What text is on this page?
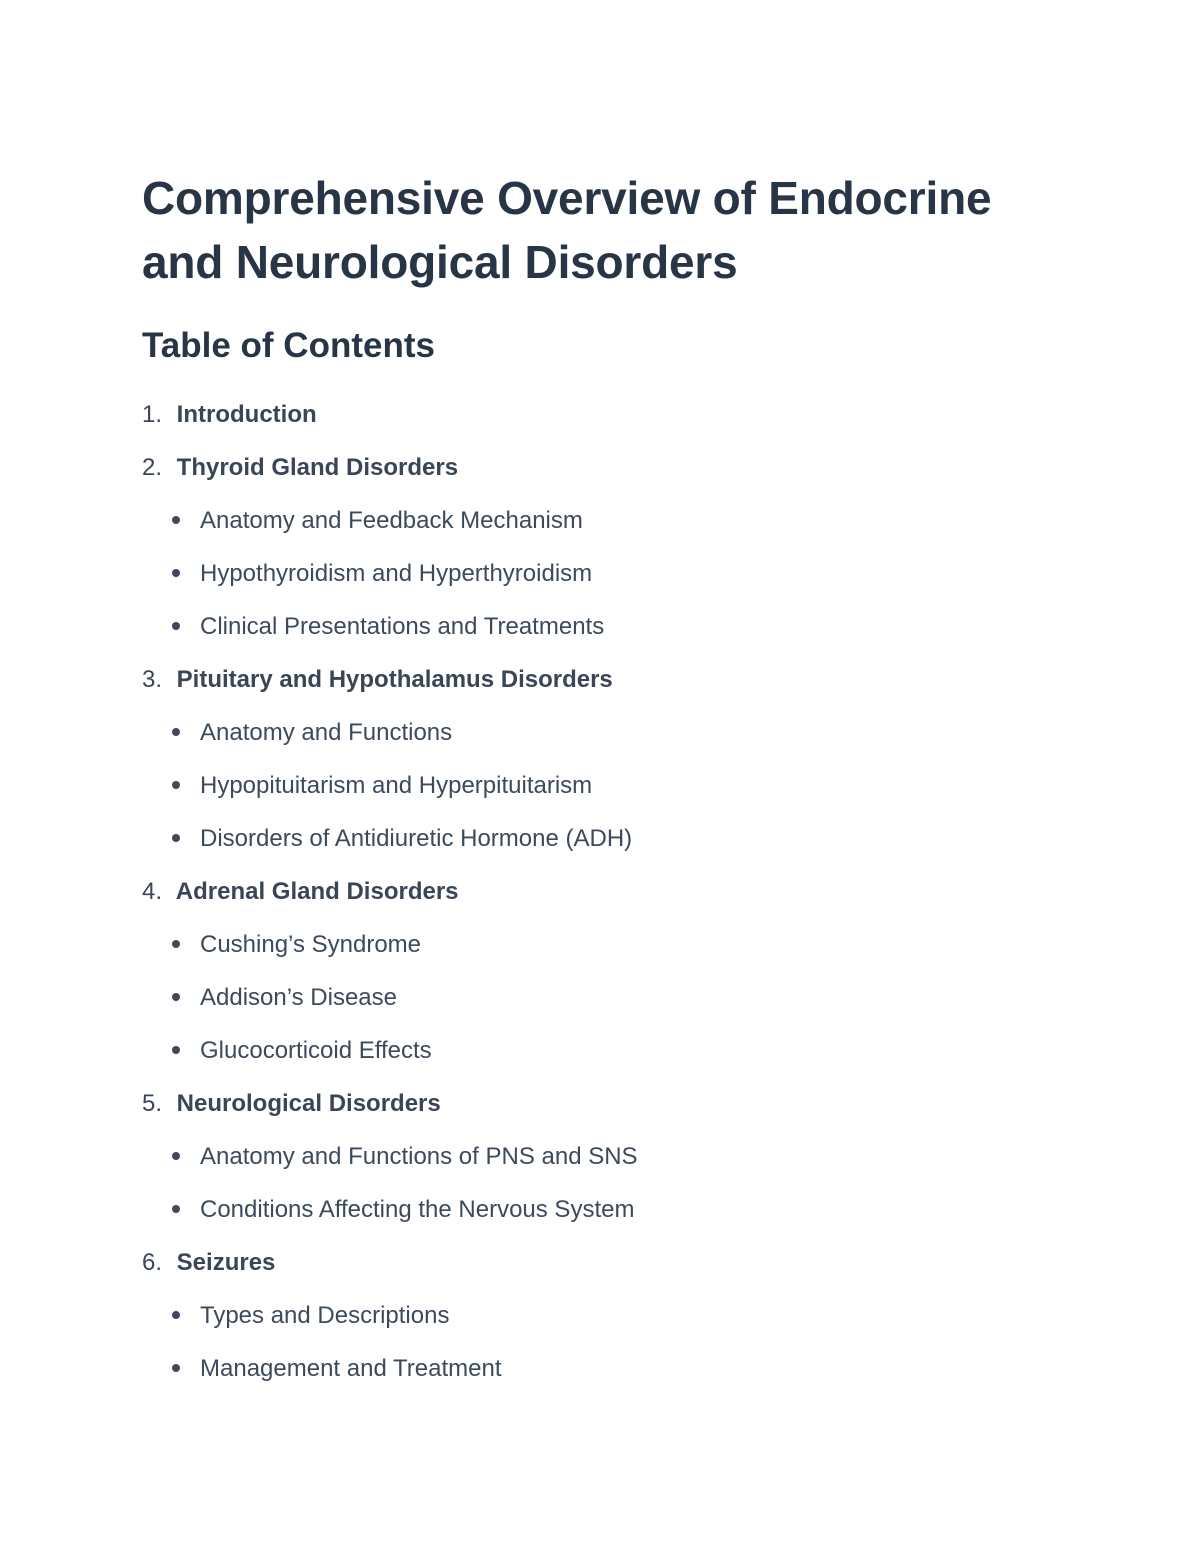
Comprehensive Overview of Endocrine
and Neurological Disorders
Table of Contents
1. Introduction
2. Thyroid Gland Disorders
Anatomy and Feedback Mechanism
Hypothyroidism and Hyperthyroidism
Clinical Presentations and Treatments
3. Pituitary and Hypothalamus Disorders
Anatomy and Functions
Hypopituitarism and Hyperpituitarism
Disorders of Antidiuretic Hormone (ADH)
4. Adrenal Gland Disorders
Cushing’s Syndrome
Addison’s Disease
Glucocorticoid Effects
5. Neurological Disorders
Anatomy and Functions of PNS and SNS
Conditions Affecting the Nervous System
6. Seizures
Types and Descriptions
Management and Treatment
